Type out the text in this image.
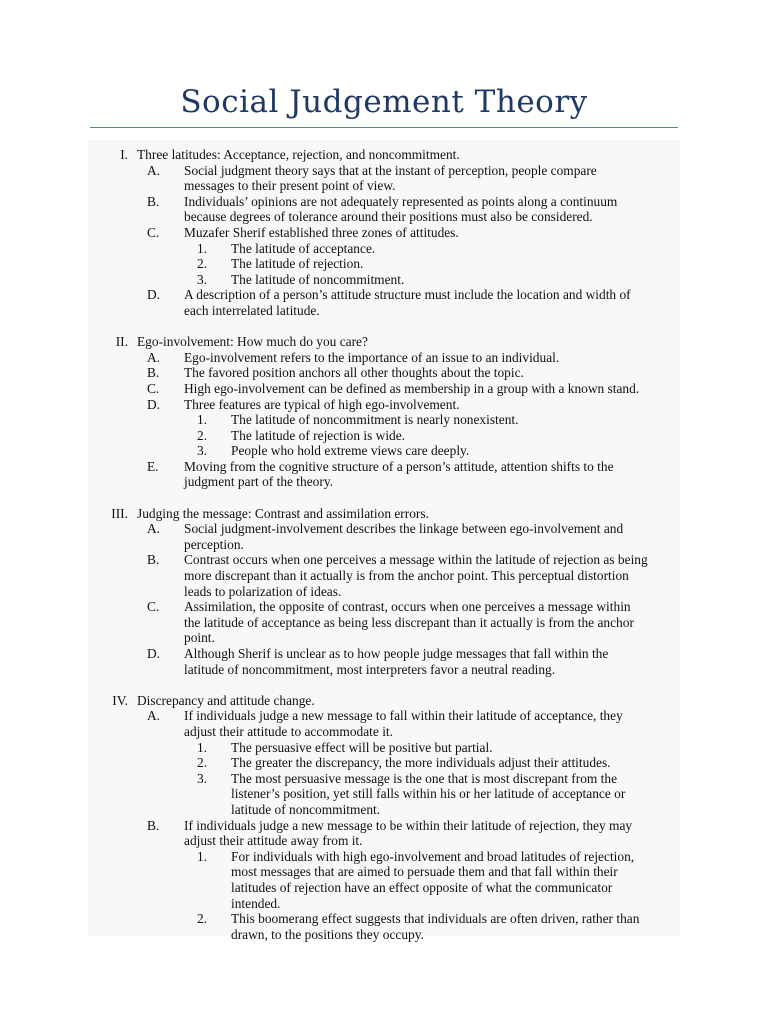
Social Judgement Theory
I. Three latitudes: Acceptance, rejection, and noncommitment.
A. Social judgment theory says that at the instant of perception, people compare
messages to their present point of view.
B. Individuals’ opinions are not adequately represented as points along a continuum
because degrees of tolerance around their positions must also be considered.
C. Muzafer Sherif established three zones of attitudes.
1. The latitude of acceptance.
2. The latitude of rejection.
3. The latitude of noncommitment.
D. A description of a person’s attitude structure must include the location and width of
each interrelated latitude.
II. Ego-involvement: How much do you care?
A. Ego-involvement refers to the importance of an issue to an individual.
B. The favored position anchors all other thoughts about the topic.
C. High ego-involvement can be defined as membership in a group with a known stand.
D. Three features are typical of high ego-involvement.
1. The latitude of noncommitment is nearly nonexistent.
2. The latitude of rejection is wide.
3. People who hold extreme views care deeply.
E. Moving from the cognitive structure of a person’s attitude, attention shifts to the
judgment part of the theory.
III. Judging the message: Contrast and assimilation errors.
A. Social judgment-involvement describes the linkage between ego-involvement and
perception.
B. Contrast occurs when one perceives a message within the latitude of rejection as being
more discrepant than it actually is from the anchor point. This perceptual distortion
leads to polarization of ideas.
C. Assimilation, the opposite of contrast, occurs when one perceives a message within
the latitude of acceptance as being less discrepant than it actually is from the anchor
point.
D. Although Sherif is unclear as to how people judge messages that fall within the
latitude of noncommitment, most interpreters favor a neutral reading.
IV. Discrepancy and attitude change.
A. If individuals judge a new message to fall within their latitude of acceptance, they
adjust their attitude to accommodate it.
1. The persuasive effect will be positive but partial.
2. The greater the discrepancy, the more individuals adjust their attitudes.
3. The most persuasive message is the one that is most discrepant from the
listener’s position, yet still falls within his or her latitude of acceptance or
latitude of noncommitment.
B. If individuals judge a new message to be within their latitude of rejection, they may
adjust their attitude away from it.
1. For individuals with high ego-involvement and broad latitudes of rejection,
most messages that are aimed to persuade them and that fall within their
latitudes of rejection have an effect opposite of what the communicator
intended.
2. This boomerang effect suggests that individuals are often driven, rather than
drawn, to the positions they occupy.
